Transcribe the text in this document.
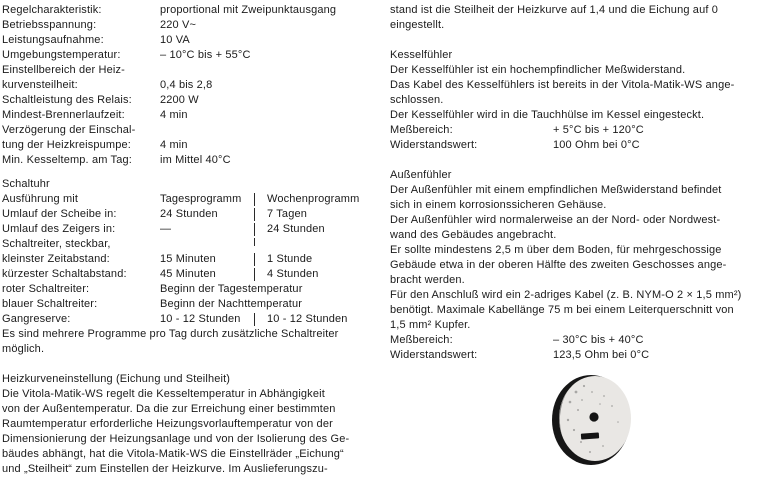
Regelcharakteristik:	proportional mit Zweipunktausgang
Betriebsspannung:	220 V~
Leistungsaufnahme:	10 VA
Umgebungstemperatur:	– 10°C bis + 55°C
Einstellbereich der Heiz-
kurvensteilheit:	0,4 bis 2,8
Schaltleistung des Relais:	2200 W
Mindest-Brennerlaufzeit:	4 min
Verzögerung der Einschal-
tung der Heizkreispumpe:	4 min
Min. Kesseltemp. am Tag:	im Mittel 40°C
Schaltuhr
Ausführung mit	Tagesprogramm Wochenprogramm
Umlauf der Scheibe in:	24 Stunden	7 Tagen
Umlauf des Zeigers in:	—	24 Stunden
Schaltreiter, steckbar,
kleinster Zeitabstand:	15 Minuten	1 Stunde
kürzester Schaltabstand:	45 Minuten	4 Stunden
roter Schaltreiter:	Beginn der Tagestemperatur
blauer Schaltreiter:	Beginn der Nachttemperatur
Gangreserve:	10 - 12 Stunden 10 - 12 Stunden
Es sind mehrere Programme pro Tag durch zusätzliche Schaltreiter
möglich.
Heizkurveneinstellung (Eichung und Steilheit)
Die Vitola-Matik-WS regelt die Kesseltemperatur in Abhängigkeit
von der Außentemperatur. Da die zur Erreichung einer bestimmten
Raumtemperatur erforderliche Heizungsvorlauftemperatur von der
Dimensionierung der Heizungsanlage und von der Isolierung des Ge-
bäudes abhängt, hat die Vitola-Matik-WS die Einstellräder „Eichung“
und „Steilheit“ zum Einstellen der Heizkurve. Im Auslieferungszu-
stand ist die Steilheit der Heizkurve auf 1,4 und die Eichung auf 0
eingestellt.
Kesselfühler
Der Kesselfühler ist ein hochempfindlicher Meßwiderstand.
Das Kabel des Kesselfühlers ist bereits in der Vitola-Matik-WS ange-
schlossen.
Der Kesselfühler wird in die Tauchhülse im Kessel eingesteckt.
Meßbereich:	+ 5°C bis + 120°C
Widerstandswert:	100 Ohm bei 0°C
Außenfühler
Der Außenfühler mit einem empfindlichen Meßwiderstand befindet
sich in einem korrosionssicheren Gehäuse.
Der Außenfühler wird normalerweise an der Nord- oder Nordwest-
wand des Gebäudes angebracht.
Er sollte mindestens 2,5 m über dem Boden, für mehrgeschossige
Gebäude etwa in der oberen Hälfte des zweiten Geschosses ange-
bracht werden.
Für den Anschluß wird ein 2-adriges Kabel (z. B. NYM-O 2 × 1,5 mm²)
benötigt. Maximale Kabellänge 75 m bei einem Leiterquerschnitt von
1,5 mm² Kupfer.
Meßbereich:	– 30°C bis + 40°C
Widerstandswert:	123,5 Ohm bei 0°C
